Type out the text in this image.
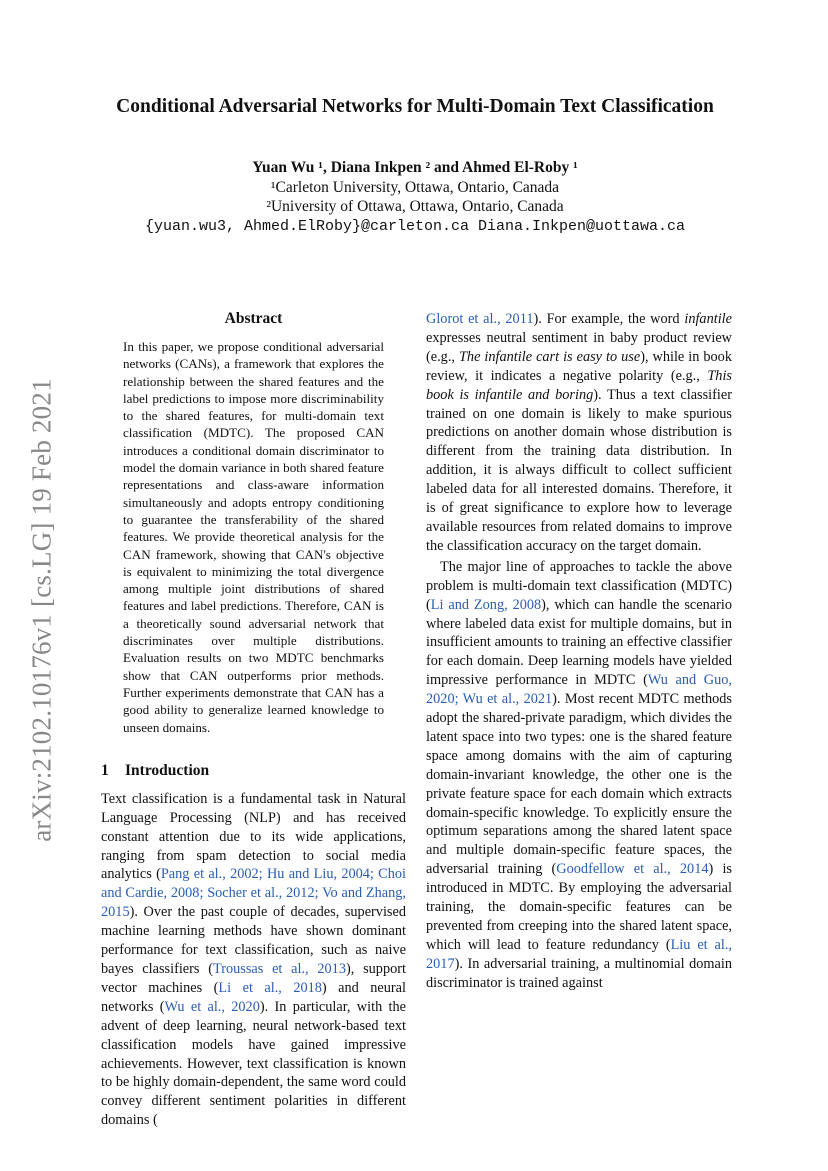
arXiv:2102.10176v1 [cs.LG] 19 Feb 2021
Conditional Adversarial Networks for Multi-Domain Text Classification
Yuan Wu ¹, Diana Inkpen ² and Ahmed El-Roby ¹
¹Carleton University, Ottawa, Ontario, Canada
²University of Ottawa, Ottawa, Ontario, Canada
{yuan.wu3, Ahmed.ElRoby}@carleton.ca Diana.Inkpen@uottawa.ca
Abstract
In this paper, we propose conditional adversarial networks (CANs), a framework that explores the relationship between the shared features and the label predictions to impose more discriminability to the shared features, for multi-domain text classification (MDTC). The proposed CAN introduces a conditional domain discriminator to model the domain variance in both shared feature representations and class-aware information simultaneously and adopts entropy conditioning to guarantee the transferability of the shared features. We provide theoretical analysis for the CAN framework, showing that CAN's objective is equivalent to minimizing the total divergence among multiple joint distributions of shared features and label predictions. Therefore, CAN is a theoretically sound adversarial network that discriminates over multiple distributions. Evaluation results on two MDTC benchmarks show that CAN outperforms prior methods. Further experiments demonstrate that CAN has a good ability to generalize learned knowledge to unseen domains.
1 Introduction

Text classification is a fundamental task in Natural Language Processing (NLP) and has received constant attention due to its wide applications, ranging from spam detection to social media analytics (Pang et al., 2002; Hu and Liu, 2004; Choi and Cardie, 2008; Socher et al., 2012; Vo and Zhang, 2015). Over the past couple of decades, supervised machine learning methods have shown dominant performance for text classification, such as naive bayes classifiers (Troussas et al., 2013), support vector machines (Li et al., 2018) and neural networks (Wu et al., 2020). In particular, with the advent of deep learning, neural network-based text classification models have gained impressive achievements. However, text classification is known to be highly domain-dependent, the same word could convey different sentiment polarities in different domains (

Glorot et al., 2011). For example, the word infantile expresses neutral sentiment in baby product review (e.g., The infantile cart is easy to use), while in book review, it indicates a negative polarity (e.g., This book is infantile and boring). Thus a text classifier trained on one domain is likely to make spurious predictions on another domain whose distribution is different from the training data distribution. In addition, it is always difficult to collect sufficient labeled data for all interested domains. Therefore, it is of great significance to explore how to leverage available resources from related domains to improve the classification accuracy on the target domain.

The major line of approaches to tackle the above problem is multi-domain text classification (MDTC) (Li and Zong, 2008), which can handle the scenario where labeled data exist for multiple domains, but in insufficient amounts to training an effective classifier for each domain. Deep learning models have yielded impressive performance in MDTC (Wu and Guo, 2020; Wu et al., 2021). Most recent MDTC methods adopt the shared-private paradigm, which divides the latent space into two types: one is the shared feature space among domains with the aim of capturing domain-invariant knowledge, the other one is the private feature space for each domain which extracts domain-specific knowledge. To explicitly ensure the optimum separations among the shared latent space and multiple domain-specific feature spaces, the adversarial training (Goodfellow et al., 2014) is introduced in MDTC. By employing the adversarial training, the domain-specific features can be prevented from creeping into the shared latent space, which will lead to feature redundancy (Liu et al., 2017). In adversarial training, a multinomial domain discriminator is trained against
